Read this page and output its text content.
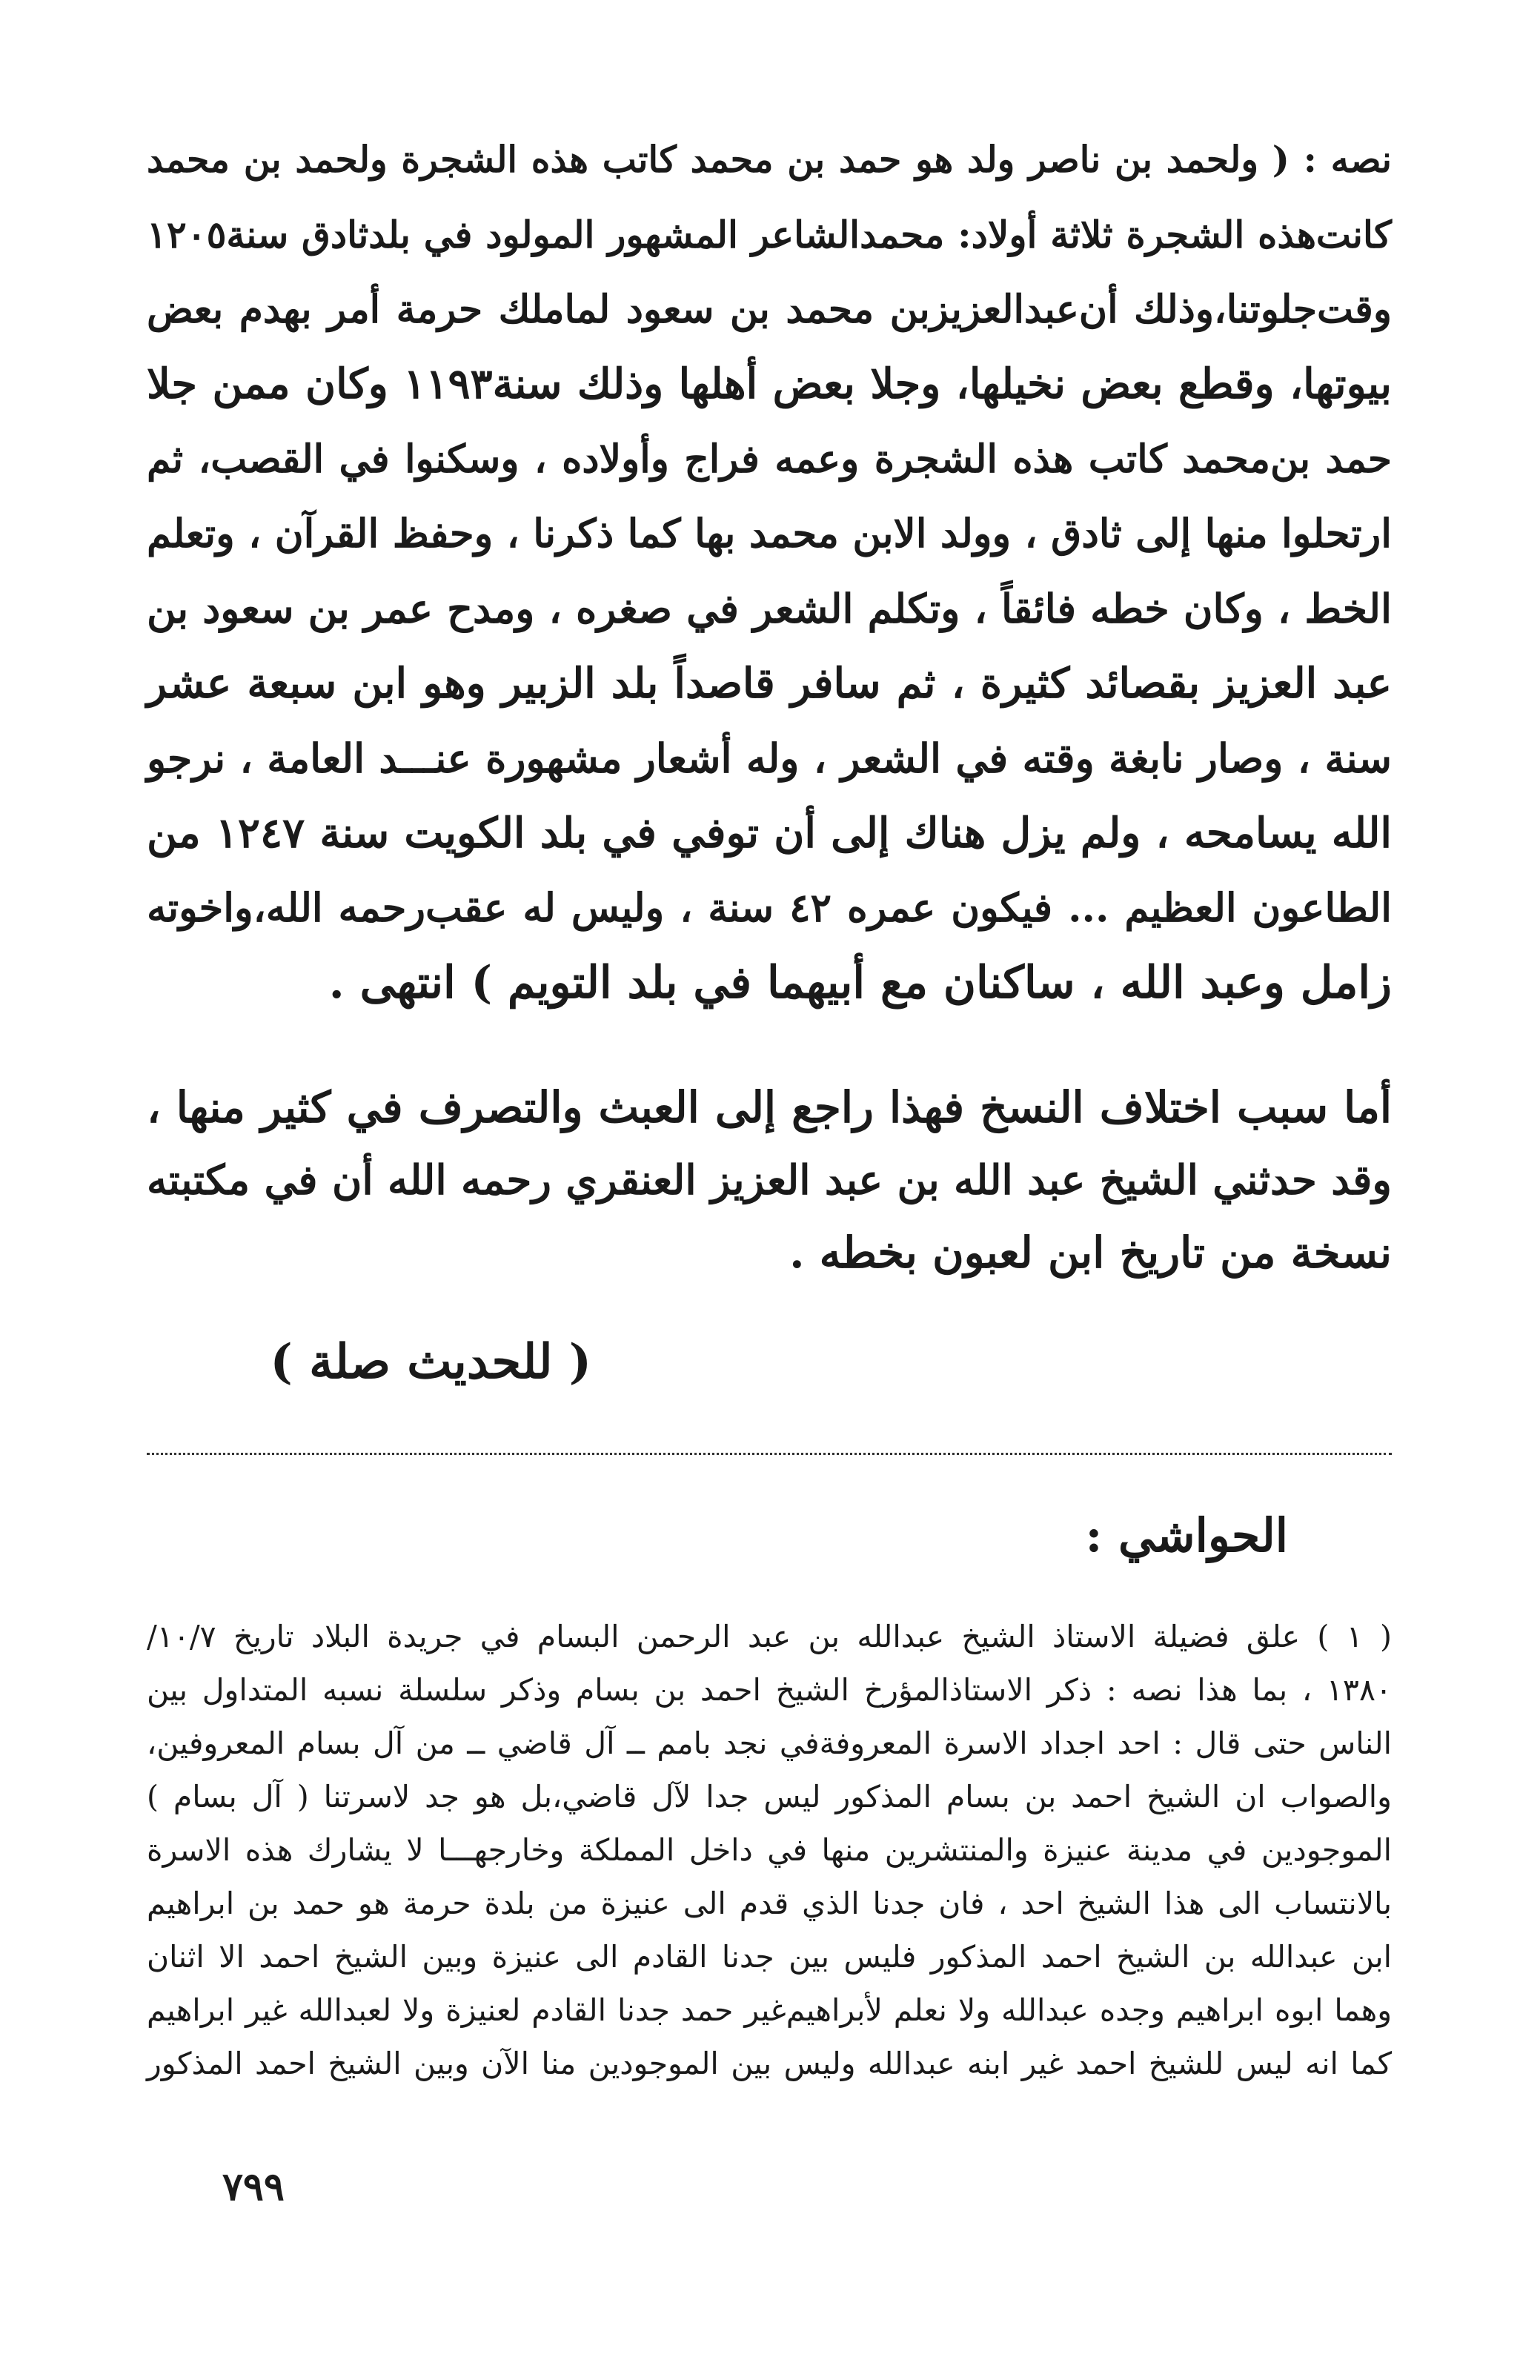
نصه : ( ولحمد بن ناصر ولد هو حمد بن محمد كاتب هذه الشجرة ولحمد بن محمد
كانت‌هذه الشجرة ثلاثة أولاد: محمدالشاعر المشهور المولود في بلدثادق سنة١٢٠٥
وقت‌جلوتنا،وذلك أن‌عبدالعزيزبن محمد بن سعود لماملك حرمة أمر بهدم بعض
بيوتها، وقطع بعض نخيلها، وجلا بعض أهلها وذلك سنة١١٩٣ وكان ممن جلا
حمد بن‌محمد كاتب هذه الشجرة وعمه فراج وأولاده ، وسكنوا في القصب، ثم
ارتحلوا منها إلى ثادق ، وولد الابن محمد بها كما ذكرنا ، وحفظ القرآن ، وتعلم
الخط ، وكان خطه فائقاً ، وتكلم الشعر في صغره ، ومدح عمر بن سعود بن
عبد العزيز بقصائد كثيرة ، ثم سافر قاصداً بلد الزبير وهو ابن سبعة عشر
سنة ، وصار نابغة وقته في الشعر ، وله أشعار مشهورة عنـــد العامة ، نرجو
الله يسامحه ، ولم يزل هناك إلى أن توفي في بلد الكويت سنة ١٢٤٧ من
الطاعون العظيم ... فيكون عمره ٤٢ سنة ، وليس له عقب‌رحمه الله،واخوته
زامل وعبد الله ، ساكنان مع أبيهما في بلد التويم ) انتهى .
أما سبب اختلاف النسخ فهذا راجع إلى العبث والتصرف في كثير منها ،
وقد حدثني الشيخ عبد الله بن عبد العزيز العنقري رحمه الله أن في مكتبته
نسخة من تاريخ ابن لعبون بخطه .
( للحديث صلة )
الحواشي :
( ١ ) علق فضيلة الاستاذ الشيخ عبدالله بن عبد الرحمن البسام في جريدة البلاد تاريخ ١٠/٧/
١٣٨٠ ، بما هذا نصه : ذكر الاستاذالمؤرخ الشيخ احمد بن بسام وذكر سلسلة نسبه المتداول بين
الناس حتى قال : احد اجداد الاسرة المعروفةفي نجد بامم ــ آل قاضي ــ من آل بسام المعروفين،
والصواب ان الشيخ احمد بن بسام المذكور ليس جدا لآل قاضي،بل هو جد لاسرتنا ( آل بسام )
الموجودين في مدينة عنيزة والمنتشرين منها في داخل المملكة وخارجهـــا لا يشارك هذه الاسرة
بالانتساب الى هذا الشيخ احد ، فان جدنا الذي قدم الى عنيزة من بلدة حرمة هو حمد بن ابراهيم
ابن عبدالله بن الشيخ احمد المذكور فليس بين جدنا القادم الى عنيزة وبين الشيخ احمد الا اثنان
وهما ابوه ابراهيم وجده عبدالله ولا نعلم لأبراهيم‌غير حمد جدنا القادم لعنيزة ولا لعبدالله غير ابراهيم
كما انه ليس للشيخ احمد غير ابنه عبدالله وليس بين الموجودين منا الآن وبين الشيخ احمد المذكور
٧٩٩
